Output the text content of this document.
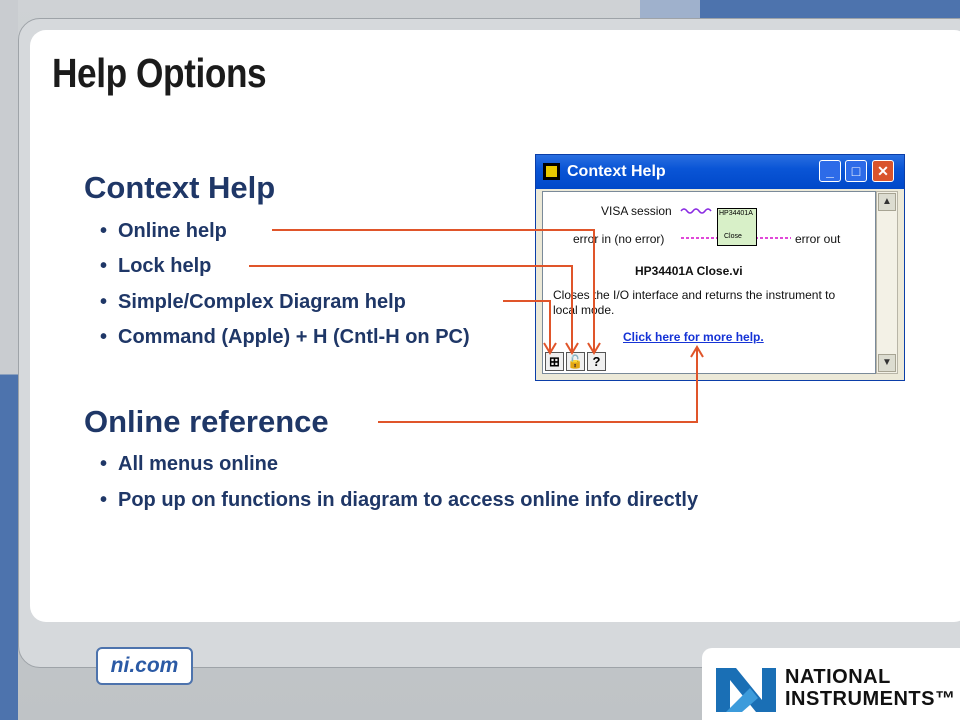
Help Options
Context Help
• Online help
• Lock help
• Simple/Complex Diagram help
• Command (Apple) + H (Cntl-H on PC)
Online reference
• All menus online
• Pop up on functions in diagram to access online info directly
Context Help	_	□	✕
VISA session
error in (no error)	error out
HP34401A
Close
HP34401A Close.vi
Closes the I/O interface and returns the instrument to local mode.
Click here for more help.
⊞ 🔓 ?
▲
▼
ni.com	NATIONAL
INSTRUMENTS™
